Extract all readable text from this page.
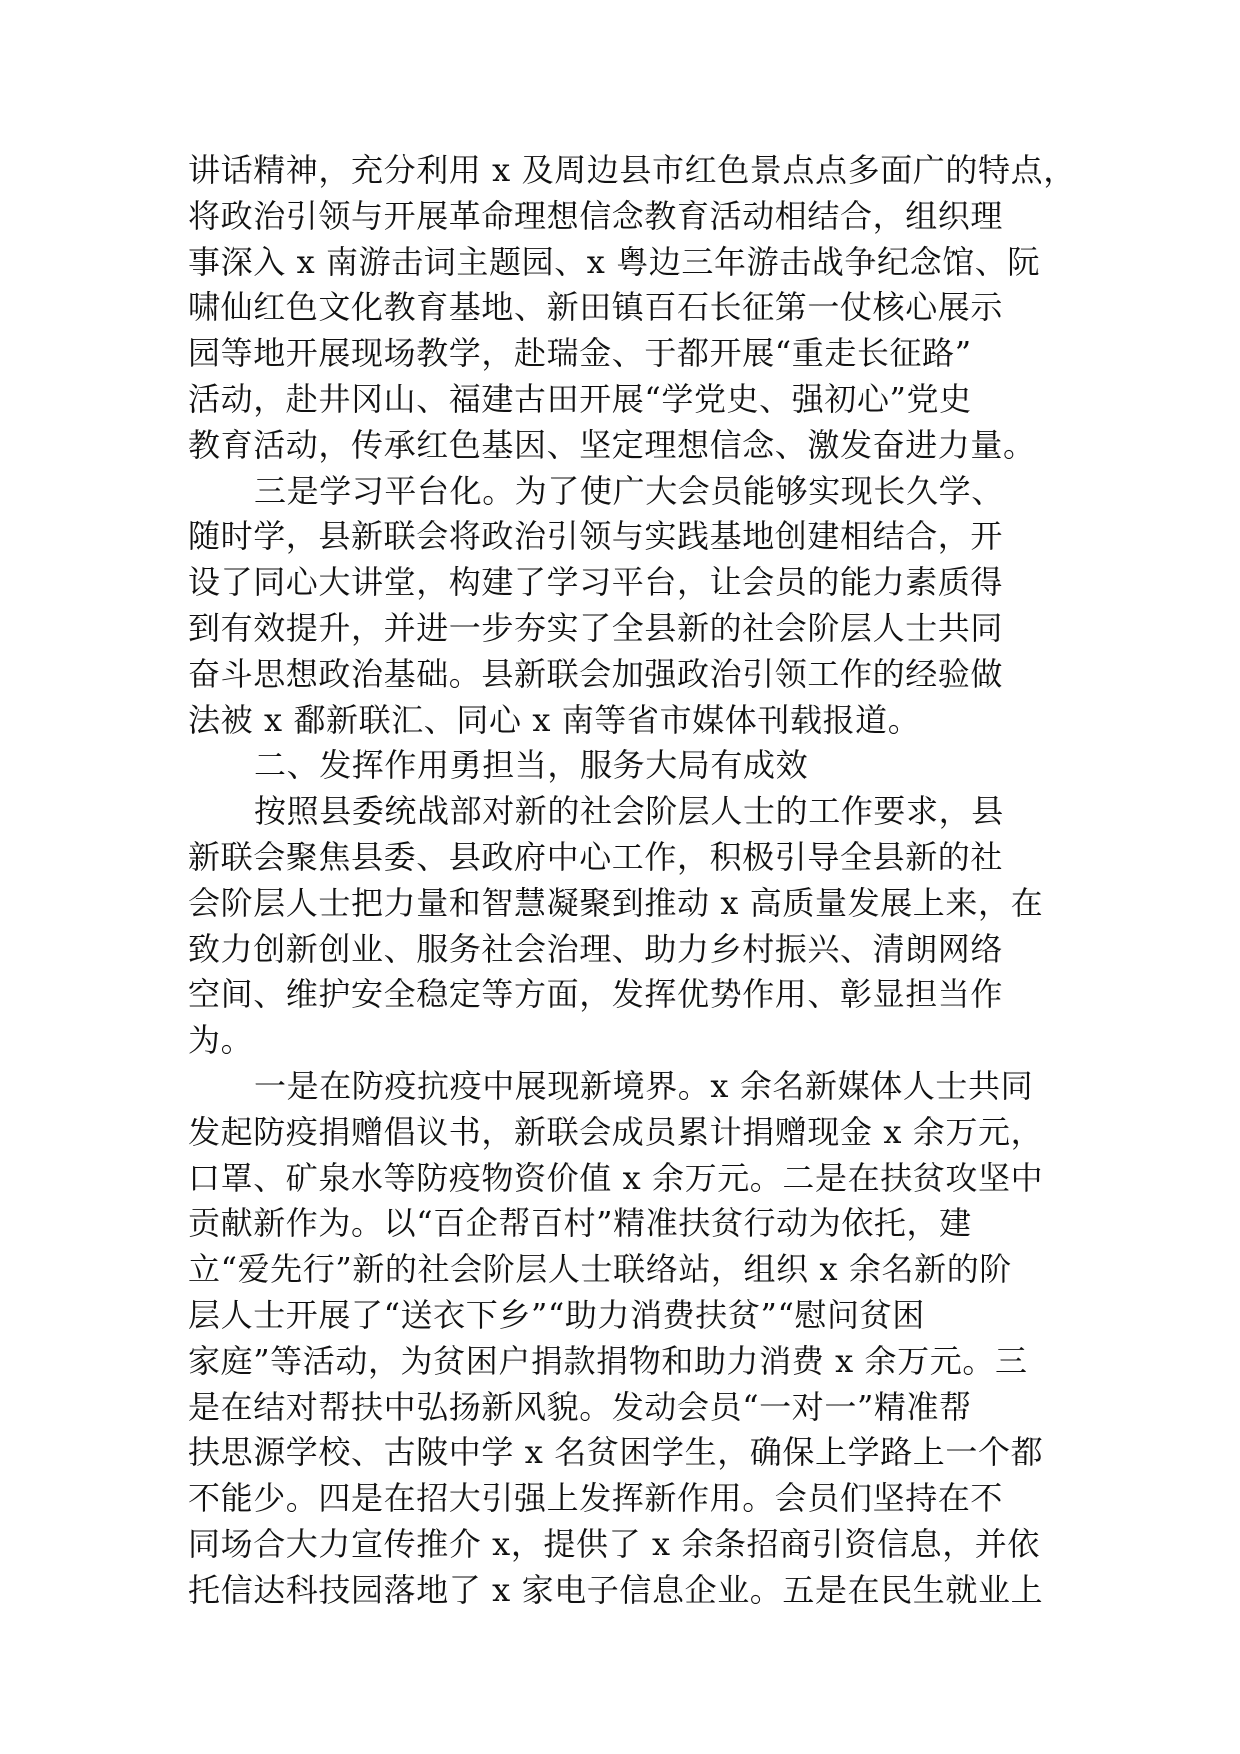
讲话精神，充分利用 x 及周边县市红色景点点多面广的特点，
将政治引领与开展革命理想信念教育活动相结合，组织理
事深入 x 南游击词主题园、x 粤边三年游击战争纪念馆、阮
啸仙红色文化教育基地、新田镇百石长征第一仗核心展示
园等地开展现场教学，赴瑞金、于都开展“重走长征路”
活动，赴井冈山、福建古田开展“学党史、强初心”党史
教育活动，传承红色基因、坚定理想信念、激发奋进力量。
三是学习平台化。为了使广大会员能够实现长久学、
随时学，县新联会将政治引领与实践基地创建相结合，开
设了同心大讲堂，构建了学习平台，让会员的能力素质得
到有效提升，并进一步夯实了全县新的社会阶层人士共同
奋斗思想政治基础。县新联会加强政治引领工作的经验做
法被 x 鄱新联汇、同心 x 南等省市媒体刊载报道。
二、发挥作用勇担当，服务大局有成效
按照县委统战部对新的社会阶层人士的工作要求，县
新联会聚焦县委、县政府中心工作，积极引导全县新的社
会阶层人士把力量和智慧凝聚到推动 x 高质量发展上来，在
致力创新创业、服务社会治理、助力乡村振兴、清朗网络
空间、维护安全稳定等方面，发挥优势作用、彰显担当作
为。
一是在防疫抗疫中展现新境界。x 余名新媒体人士共同
发起防疫捐赠倡议书，新联会成员累计捐赠现金 x 余万元，
口罩、矿泉水等防疫物资价值 x 余万元。二是在扶贫攻坚中
贡献新作为。以“百企帮百村”精准扶贫行动为依托，建
立“爱先行”新的社会阶层人士联络站，组织 x 余名新的阶
层人士开展了“送衣下乡”“助力消费扶贫”“慰问贫困
家庭”等活动，为贫困户捐款捐物和助力消费 x 余万元。三
是在结对帮扶中弘扬新风貌。发动会员“一对一”精准帮
扶思源学校、古陂中学 x 名贫困学生，确保上学路上一个都
不能少。四是在招大引强上发挥新作用。会员们坚持在不
同场合大力宣传推介 x，提供了 x 余条招商引资信息，并依
托信达科技园落地了 x 家电子信息企业。五是在民生就业上
